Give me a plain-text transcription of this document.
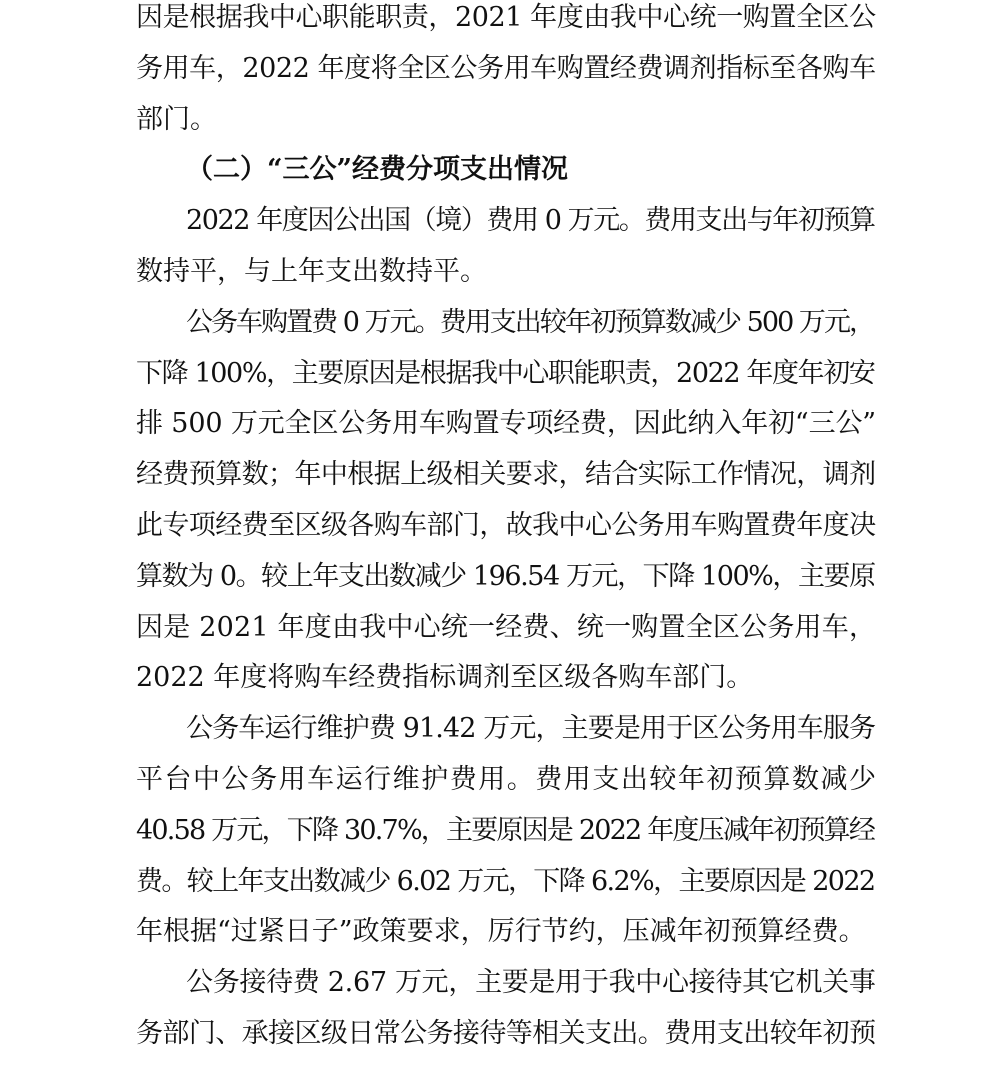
因是根据我中心职能职责，2021 年度由我中心统一购置全区公
务用车，2022 年度将全区公务用车购置经费调剂指标至各购车
部门。
（二）“三公”经费分项支出情况
2022 年度因公出国（境）费用 0 万元。费用支出与年初预算
数持平，与上年支出数持平。
公务车购置费 0 万元。费用支出较年初预算数减少 500 万元，
下降 100%，主要原因是根据我中心职能职责，2022 年度年初安
排 500 万元全区公务用车购置专项经费，因此纳入年初“三公”
经费预算数；年中根据上级相关要求，结合实际工作情况，调剂
此专项经费至区级各购车部门，故我中心公务用车购置费年度决
算数为 0。较上年支出数减少 196.54 万元，下降 100%，主要原
因是 2021 年度由我中心统一经费、统一购置全区公务用车，
2022 年度将购车经费指标调剂至区级各购车部门。
公务车运行维护费 91.42 万元，主要是用于区公务用车服务
平台中公务用车运行维护费用。费用支出较年初预算数减少
40.58 万元，下降 30.7%，主要原因是 2022 年度压减年初预算经
费。较上年支出数减少 6.02 万元，下降 6.2%，主要原因是 2022
年根据“过紧日子”政策要求，厉行节约，压减年初预算经费。
公务接待费 2.67 万元，主要是用于我中心接待其它机关事
务部门、承接区级日常公务接待等相关支出。费用支出较年初预
